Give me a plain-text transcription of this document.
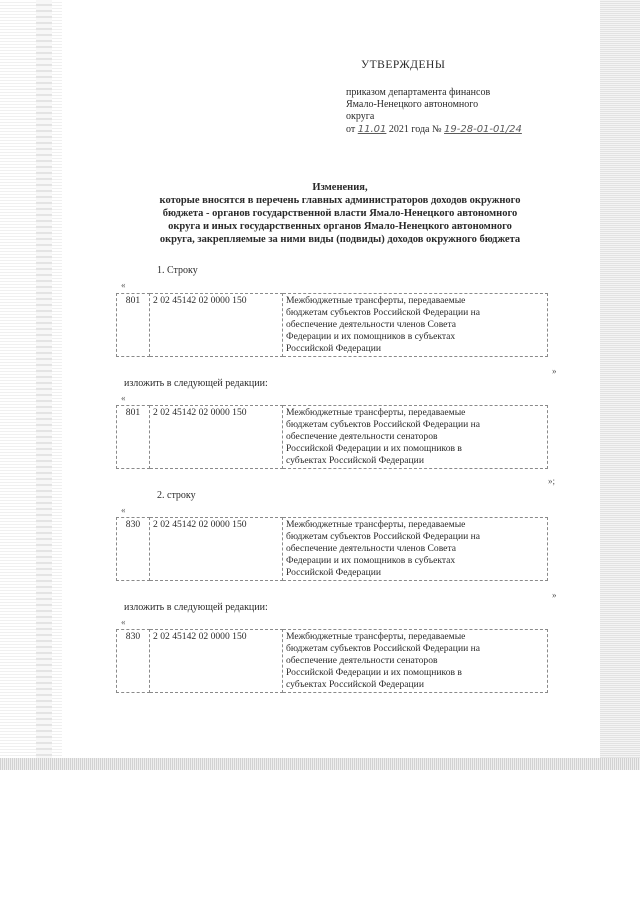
УТВЕРЖДЕНЫ
приказом департамента финансов
Ямало-Ненецкого автономного
округа
от 11.01 2021 года № 19-28-01-01/24
Изменения,
которые вносятся в перечень главных администраторов доходов окружного
бюджета - органов государственной власти Ямало-Ненецкого автономного
округа и иных государственных органов Ямало-Ненецкого автономного
округа, закрепляемые за ними виды (подвиды) доходов окружного бюджета
1. Строку
«
801	2 02 45142 02 0000 150	Межбюджетные трансферты, передаваемые
бюджетам субъектов Российской Федерации на
обеспечение деятельности членов Совета
Федерации и их помощников в субъектах
Российской Федерации
»
изложить в следующей редакции:
«
801	2 02 45142 02 0000 150	Межбюджетные трансферты, передаваемые
бюджетам субъектов Российской Федерации на
обеспечение деятельности сенаторов
Российской Федерации и их помощников в
субъектах Российской Федерации
»;
2. строку
«
830	2 02 45142 02 0000 150	Межбюджетные трансферты, передаваемые
бюджетам субъектов Российской Федерации на
обеспечение деятельности членов Совета
Федерации и их помощников в субъектах
Российской Федерации
»
изложить в следующей редакции:
«
830	2 02 45142 02 0000 150	Межбюджетные трансферты, передаваемые
бюджетам субъектов Российской Федерации на
обеспечение деятельности сенаторов
Российской Федерации и их помощников в
субъектах Российской Федерации
